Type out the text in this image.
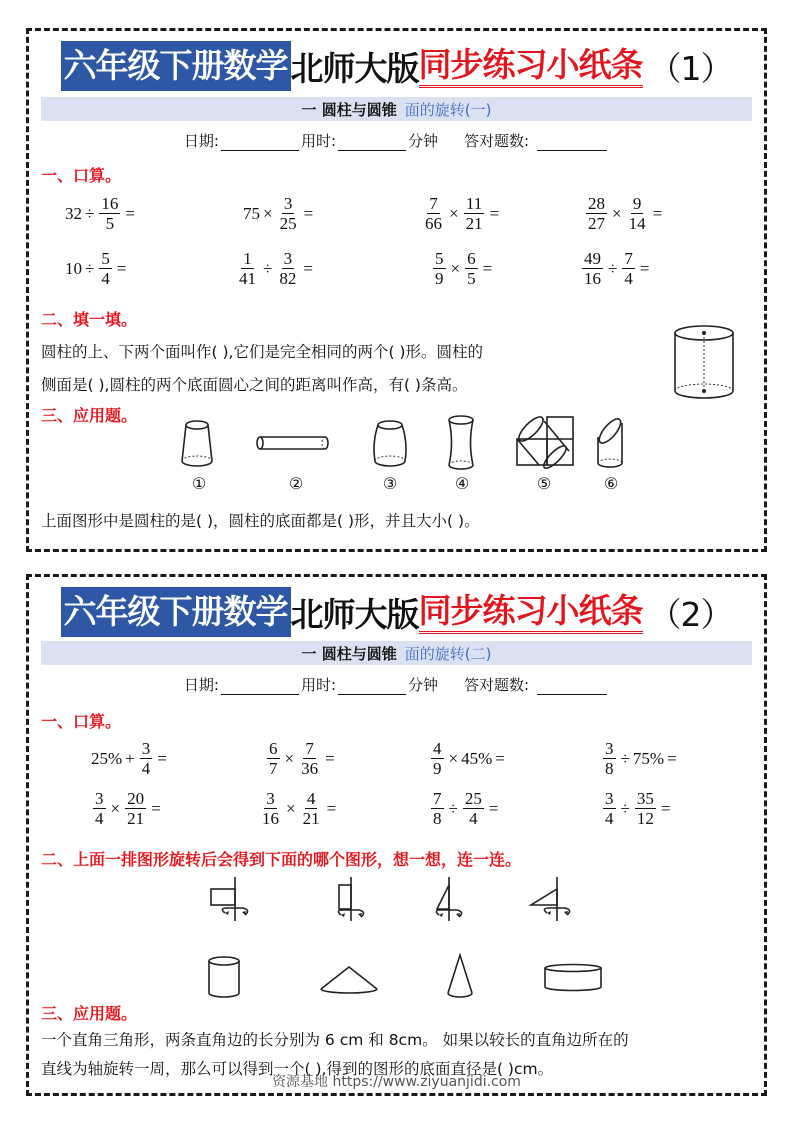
六年级下册数学 北师大版 同步练习小纸条 （1）
一 圆柱与圆锥 面的旋转(一)
日期:	用时:	分钟 答对题数:
一、口算。
$32 \div \frac{16}{5}$ =	$75 \times \frac{3}{25}$ =	$\frac{7}{66} \times \frac{11}{21}$ =	$\frac{28}{27} \times \frac{9}{14}$ =
$10 \div \frac{5}{4}$ =	$\frac{1}{41} \div \frac{3}{82}$ =	$\frac{5}{9} \times \frac{6}{5}$ =	$\frac{49}{16} \div \frac{7}{4}$ =
二、填一填。
圆柱的上、下两个面叫作( ),它们是完全相同的两个( )形。圆柱的
侧面是( ),圆柱的两个底面圆心之间的距离叫作高，有( )条高。
三、应用题。
①	②	③	④	⑤	⑥
上面图形中是圆柱的是( )，圆柱的底面都是( )形，并且大小( )。
六年级下册数学 北师大版 同步练习小纸条 （2）
一 圆柱与圆锥 面的旋转(二)
日期:	用时:	分钟 答对题数:
一、口算。
$25\% + \frac{3}{4}$ =	$\frac{6}{7} \times \frac{7}{36}$ =	$\frac{4}{9} \times 45\%$ =	$\frac{3}{8} \div 75\%$ =
$\frac{3}{4} \times \frac{20}{21}$ =	$\frac{3}{16} \times \frac{4}{21}$ =	$\frac{7}{8} \div \frac{25}{4}$ =	$\frac{3}{4} \div \frac{35}{12}$ =
二、上面一排图形旋转后会得到下面的哪个图形，想一想，连一连。
三、应用题。
一个直角三角形，两条直角边的长分别为 6 cm 和 8cm。 如果以较长的直角边所在的
直线为轴旋转一周，那么可以得到一个( ),得到的图形的底面直径是( )cm。
资源基地 https://www.ziyuanjidi.com
